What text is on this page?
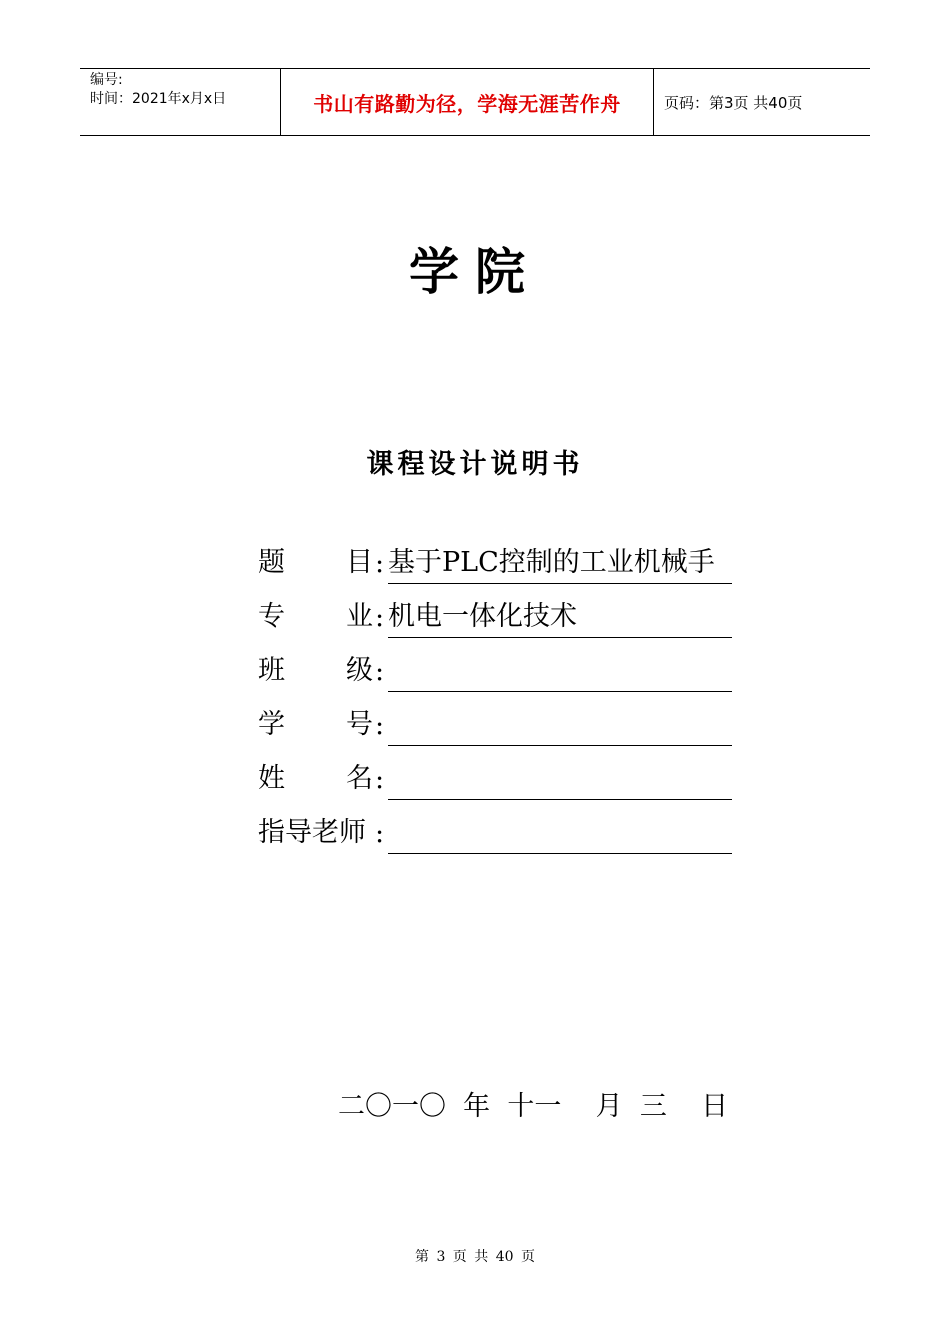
编号:
时间：2021年x月x日	书山有路勤为径，学海无涯苦作舟	页码：第3页 共40页
学院
课程设计说明书
题 目 : 基于PLC控制的工业机械手
专 业 : 机电一体化技术
班 级 :
学 号 :
姓 名 :
指导老师 :
二〇一〇  年  十一    月  三    日
第 3 页 共 40 页
